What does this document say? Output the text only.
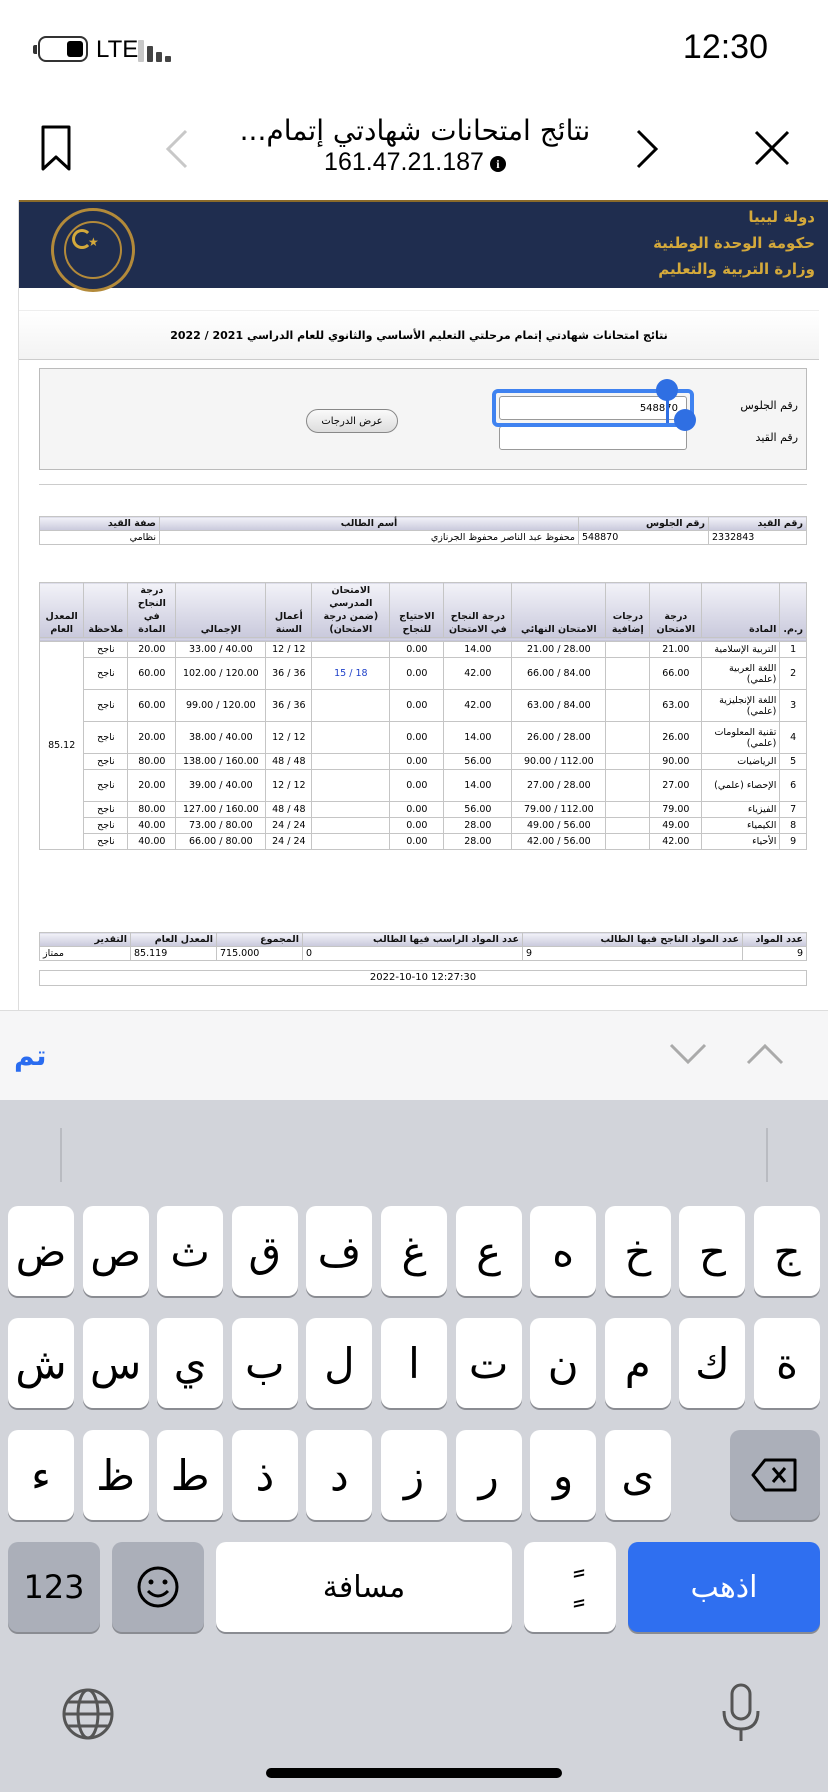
LTE	12:30
نتائج امتحانات شهادتي إتمام...
161.47.21.187 i
★
دولة ليبيا
حكومة الوحدة الوطنية
وزارة التربية والتعليم
نتائج امتحانات شهادتي إتمام مرحلتي التعليم الأساسي والثانوي للعام الدراسي 2021 / 2022
رقم الجلوس
رقم القيد
548870
عرض الدرجات
رقم القيد	رقم الجلوس	أسم الطالب	صفة القيد
2332843	548870	محفوظ عبد الناصر محفوظ الجرنازي	نظامي
ر.م.	المادة	درجة الامتحان	درجات إضافية	الامتحان النهائي	درجة النجاح في الامتحان	الاحتياج للنجاح	الامتحان المدرسي (ضمن درجة الامتحان)	أعمال السنة	الإجمالي	درجة النجاح في المادة	ملاحظة	المعدل العام

1	التربية الإسلامية	21.00		28.00 / 21.00	14.00	0.00		12 / 12	40.00 / 33.00	20.00	ناجح	85.12
2	اللغة العربية (علمي)	66.00		84.00 / 66.00	42.00	0.00	18 / 15	36 / 36	120.00 / 102.00	60.00	ناجح	
3	اللغة الإنجليزية (علمي)	63.00		84.00 / 63.00	42.00	0.00		36 / 36	120.00 / 99.00	60.00	ناجح	
4	تقنية المعلومات (علمي)	26.00		28.00 / 26.00	14.00	0.00		12 / 12	40.00 / 38.00	20.00	ناجح	
5	الرياضيات	90.00		112.00 / 90.00	56.00	0.00		48 / 48	160.00 / 138.00	80.00	ناجح	
6	الإحصاء (علمي)	27.00		28.00 / 27.00	14.00	0.00		12 / 12	40.00 / 39.00	20.00	ناجح	
7	الفيزياء	79.00		112.00 / 79.00	56.00	0.00		48 / 48	160.00 / 127.00	80.00	ناجح	
8	الكيمياء	49.00		56.00 / 49.00	28.00	0.00		24 / 24	80.00 / 73.00	40.00	ناجح	
9	الأحياء	42.00		56.00 / 42.00	28.00	0.00		24 / 24	80.00 / 66.00	40.00	ناجح	
عدد المواد	عدد المواد الناجح فيها الطالب	عدد المواد الراسب فيها الطالب	المجموع	المعدل العام	التقدير
9	9	0	715.000	85.119	ممتاز
2022-10-10 12:27:30
تم
ض ص ث ق ف غ	ع	ه	خ	ح	ج
ش س ي ب ل	ا	ت ن	م	ك	ة
ء	ظ ط	ذ	د	ز	ر	و	ى
123	مسافة	اذهب
